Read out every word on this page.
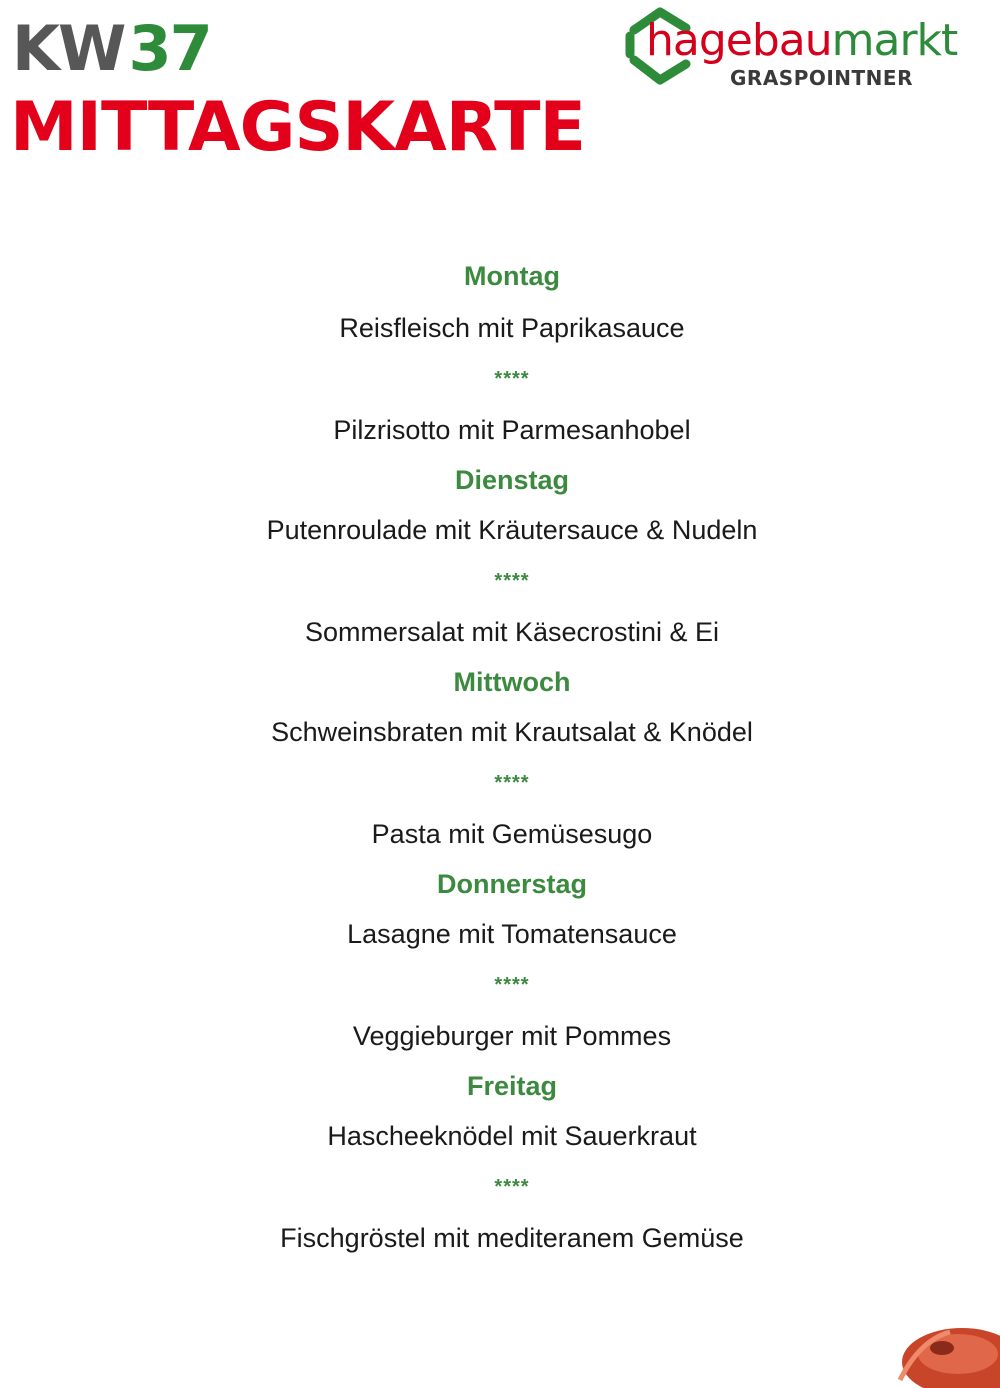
KW37
MITTAGSKARTE
hagebaumarkt
GRASPOINTNER
Montag
Reisfleisch mit Paprikasauce
****
Pilzrisotto mit Parmesanhobel
Dienstag
Putenroulade mit Kräutersauce & Nudeln
****
Sommersalat mit Käsecrostini & Ei
Mittwoch
Schweinsbraten mit Krautsalat & Knödel
****
Pasta mit Gemüsesugo
Donnerstag
Lasagne mit Tomatensauce
****
Veggieburger mit Pommes
Freitag
Hascheeknödel mit Sauerkraut
****
Fischgröstel mit mediteranem Gemüse
